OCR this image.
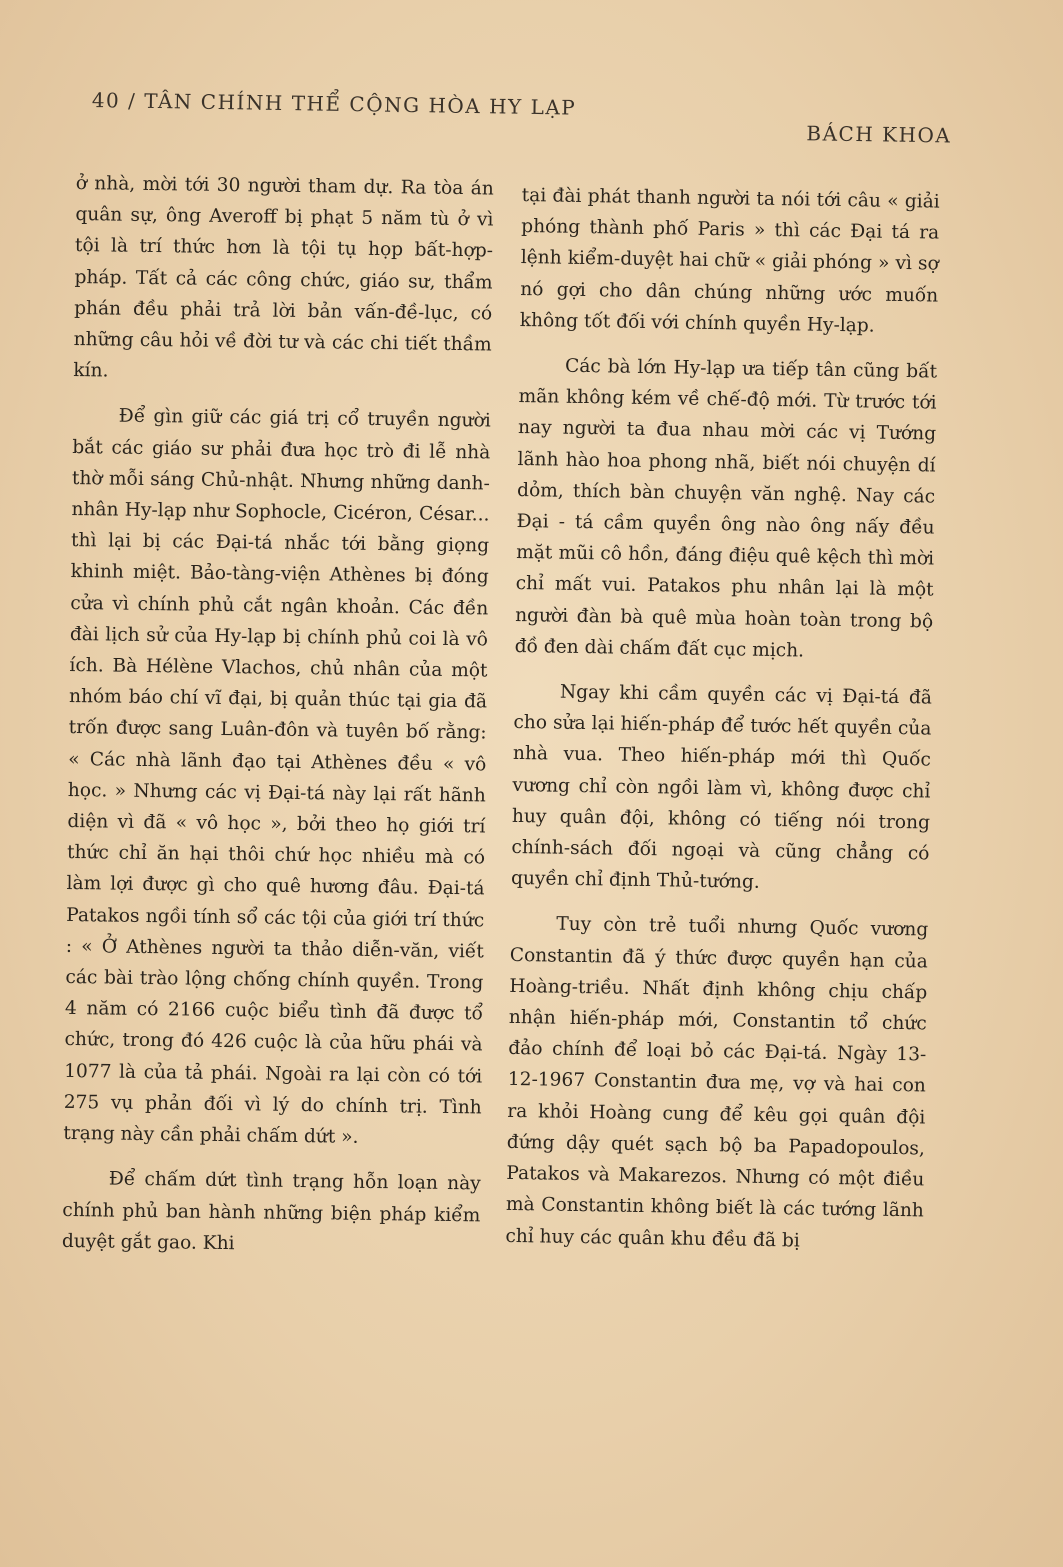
40 / TÂN CHÍNH THỂ CỘNG HÒA HY LẠP
BÁCH KHOA

ở nhà, mời tới 30 người tham dự. Ra tòa án quân sự, ông Averoff bị phạt 5 năm tù ở vì tội là trí thức hơn là tội tụ họp bất-hợp-pháp. Tất cả các công chức, giáo sư, thẩm phán đều phải trả lời bản vấn-đề-lục, có những câu hỏi về đời tư và các chi tiết thầm kín.

Để gìn giữ các giá trị cổ truyền người bắt các giáo sư phải đưa học trò đi lễ nhà thờ mỗi sáng Chủ-nhật. Nhưng những danh-nhân Hy-lạp như Sophocle, Cicéron, César... thì lại bị các Đại-tá nhắc tới bằng giọng khinh miệt. Bảo-tàng-viện Athènes bị đóng cửa vì chính phủ cắt ngân khoản. Các đền đài lịch sử của Hy-lạp bị chính phủ coi là vô ích. Bà Hélène Vlachos, chủ nhân của một nhóm báo chí vĩ đại, bị quản thúc tại gia đã trốn được sang Luân-đôn và tuyên bố rằng: « Các nhà lãnh đạo tại Athènes đều « vô học. » Nhưng các vị Đại-tá này lại rất hãnh diện vì đã « vô học », bởi theo họ giới trí thức chỉ ăn hại thôi chứ học nhiều mà có làm lợi được gì cho quê hương đâu. Đại-tá Patakos ngồi tính sổ các tội của giới trí thức : « Ở Athènes người ta thảo diễn-văn, viết các bài trào lộng chống chính quyền. Trong 4 năm có 2166 cuộc biểu tình đã được tổ chức, trong đó 426 cuộc là của hữu phái và 1077 là của tả phái. Ngoài ra lại còn có tới 275 vụ phản đối vì lý do chính trị. Tình trạng này cần phải chấm dứt ».

Để chấm dứt tình trạng hỗn loạn này chính phủ ban hành những biện pháp kiểm duyệt gắt gao. Khi

tại đài phát thanh người ta nói tới câu « giải phóng thành phố Paris » thì các Đại tá ra lệnh kiểm-duyệt hai chữ « giải phóng » vì sợ nó gợi cho dân chúng những ước muốn không tốt đối với chính quyền Hy-lạp.

Các bà lớn Hy-lạp ưa tiếp tân cũng bất mãn không kém về chế-độ mới. Từ trước tới nay người ta đua nhau mời các vị Tướng lãnh hào hoa phong nhã, biết nói chuyện dí dỏm, thích bàn chuyện văn nghệ. Nay các Đại - tá cầm quyền ông nào ông nấy đều mặt mũi cô hồn, đáng điệu quê kệch thì mời chỉ mất vui. Patakos phu nhân lại là một người đàn bà quê mùa hoàn toàn trong bộ đồ đen dài chấm đất cục mịch.

Ngay khi cầm quyền các vị Đại-tá đã cho sửa lại hiến-pháp để tước hết quyền của nhà vua. Theo hiến-pháp mới thì Quốc vương chỉ còn ngồi làm vì, không được chỉ huy quân đội, không có tiếng nói trong chính-sách đối ngoại và cũng chẳng có quyền chỉ định Thủ-tướng.

Tuy còn trẻ tuổi nhưng Quốc vương Constantin đã ý thức được quyền hạn của Hoàng-triều. Nhất định không chịu chấp nhận hiến-pháp mới, Constantin tổ chức đảo chính để loại bỏ các Đại-tá. Ngày 13-12-1967 Constantin đưa mẹ, vợ và hai con ra khỏi Hoàng cung để kêu gọi quân đội đứng dậy quét sạch bộ ba Papadopoulos, Patakos và Makarezos. Nhưng có một điều mà Constantin không biết là các tướng lãnh chỉ huy các quân khu đều đã bị
